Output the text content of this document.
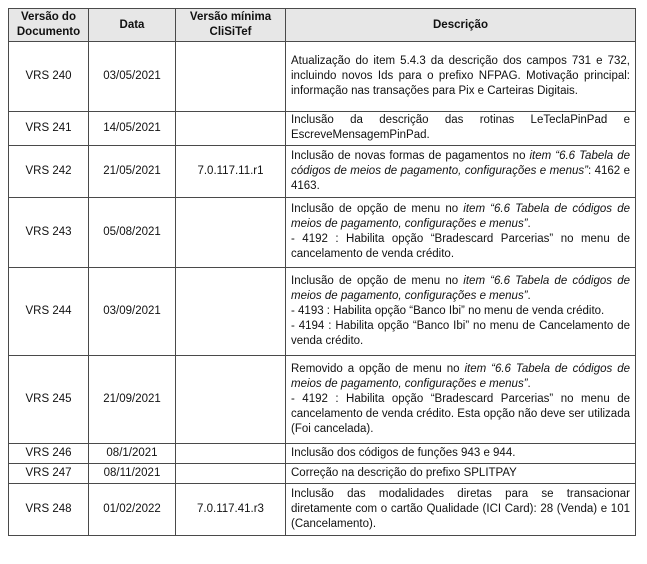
Versão do Documento	Data	Versão mínima CliSiTef	Descrição
VRS 240	03/05/2021		Atualização do item 5.4.3 da descrição dos campos 731 e 732, incluindo novos Ids para o prefixo NFPAG. Motivação principal: informação nas transações para Pix e Carteiras Digitais.

VRS 241	14/05/2021		Inclusão da descrição das rotinas LeTeclaPinPad e EscreveMensagemPinPad.

VRS 242	21/05/2021	7.0.117.11.r1	Inclusão de novas formas de pagamentos no item “6.6 Tabela de códigos de meios de pagamento, configurações e menus”: 4162 e 4163.

VRS 243	05/08/2021		Inclusão de opção de menu no item “6.6 Tabela de códigos de meios de pagamento, configurações e menus”.
- 4192 : Habilita opção “Bradescard Parcerias” no menu de cancelamento de venda crédito.

VRS 244	03/09/2021		Inclusão de opção de menu no item “6.6 Tabela de códigos de meios de pagamento, configurações e menus”.
- 4193 : Habilita opção “Banco Ibi” no menu de venda crédito.
- 4194 : Habilita opção “Banco Ibi” no menu de Cancelamento de venda crédito.

VRS 245	21/09/2021		Removido a opção de menu no item “6.6 Tabela de códigos de meios de pagamento, configurações e menus”.
- 4192 : Habilita opção “Bradescard Parcerias” no menu de cancelamento de venda crédito. Esta opção não deve ser utilizada (Foi cancelada).

VRS 246	08/1/2021		Inclusão dos códigos de funções 943 e 944.

VRS 247	08/11/2021		Correção na descrição do prefixo SPLITPAY

VRS 248	01/02/2022	7.0.117.41.r3	Inclusão das modalidades diretas para se transacionar diretamente com o cartão Qualidade (ICI Card): 28 (Venda) e 101 (Cancelamento).
